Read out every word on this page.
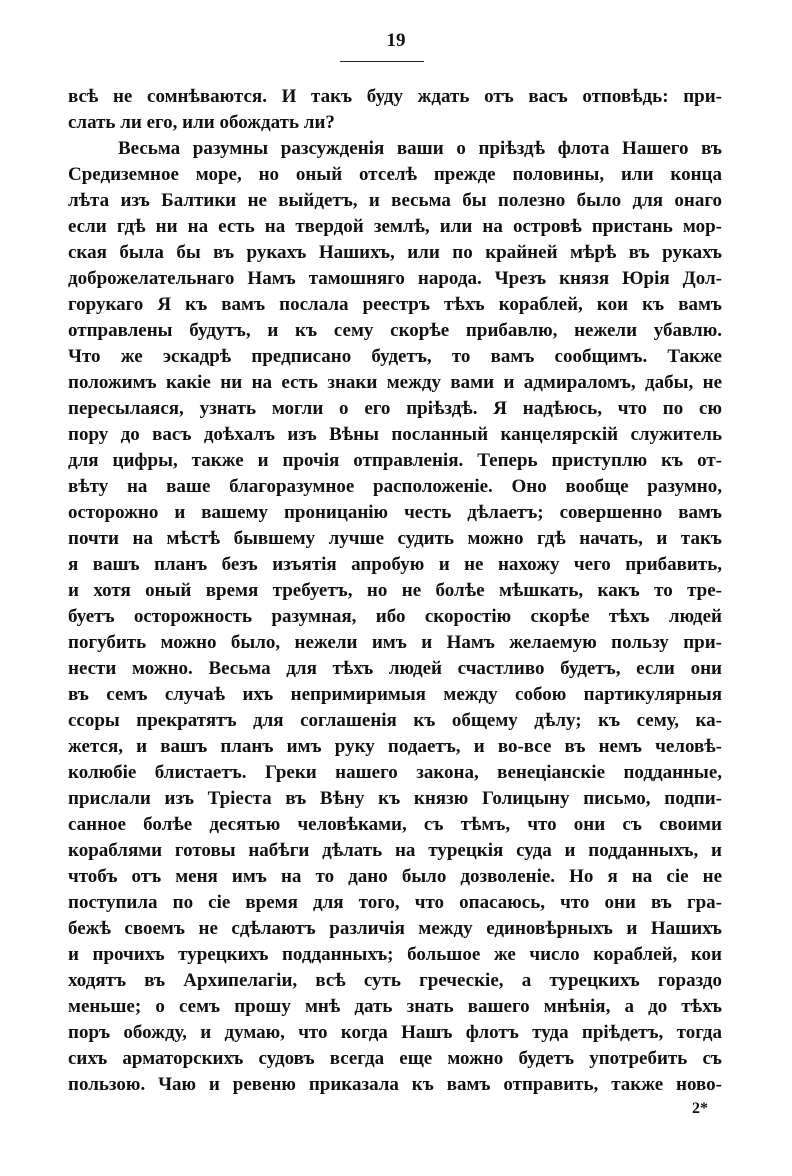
19
всѣ не сомнѣваются. И такъ буду ждать отъ васъ отповѣдь: при-
слать ли его, или обождать ли?
Весьма разумны разсужденія ваши о пріѣздѣ флота Нашего въ
Средиземное море, но оный отселѣ прежде половины, или конца
лѣта изъ Балтики не выйдетъ, и весьма бы полезно было для онаго
если гдѣ ни на есть на твердой землѣ, или на островѣ пристань мор-
ская была бы въ рукахъ Нашихъ, или по крайней мѣрѣ въ рукахъ
доброжелательнаго Намъ тамошняго народа. Чрезъ князя Юрія Дол-
горукаго Я къ вамъ послала реестръ тѣхъ кораблей, кои къ вамъ
отправлены будутъ, и къ сему скорѣе прибавлю, нежели убавлю.
Что же эскадрѣ предписано будетъ, то вамъ сообщимъ. Также
положимъ какіе ни на есть знаки между вами и адмираломъ, дабы, не
пересылаяся, узнать могли о его пріѣздѣ. Я надѣюсь, что по сю
пору до васъ доѣхалъ изъ Вѣны посланный канцелярскій служитель
для цифры, также и прочія отправленія. Теперь приступлю къ от-
вѣту на ваше благоразумное расположеніе. Оно вообще разумно,
осторожно и вашему проницанію честь дѣлаетъ; совершенно вамъ
почти на мѣстѣ бывшему лучше судить можно гдѣ начать, и такъ
я вашъ планъ безъ изъятія апробую и не нахожу чего прибавить,
и хотя оный время требуетъ, но не болѣе мѣшкать, какъ то тре-
буетъ осторожность разумная, ибо скоростію скорѣе тѣхъ людей
погубить можно было, нежели имъ и Намъ желаемую пользу при-
нести можно. Весьма для тѣхъ людей счастливо будетъ, если они
въ семъ случаѣ ихъ непримиримыя между собою партикулярныя
ссоры прекратятъ для соглашенія къ общему дѣлу; къ сему, ка-
жется, и вашъ планъ имъ руку подаетъ, и во-все въ немъ человѣ-
колюбіе блистаетъ. Греки нашего закона, венеціанскіе подданные,
прислали изъ Тріеста въ Вѣну къ князю Голицыну письмо, подпи-
санное болѣе десятью человѣками, съ тѣмъ, что они съ своими
кораблями готовы набѣги дѣлать на турецкія суда и подданныхъ, и
чтобъ отъ меня имъ на то дано было дозволеніе. Но я на сіе не
поступила по сіе время для того, что опасаюсь, что они въ гра-
бежѣ своемъ не сдѣлаютъ различія между единовѣрныхъ и Нашихъ
и прочихъ турецкихъ подданныхъ; большое же число кораблей, кои
ходятъ въ Архипелагіи, всѣ суть греческіе, а турецкихъ гораздо
меньше; о семъ прошу мнѣ дать знать вашего мнѣнія, а до тѣхъ
поръ обожду, и думаю, что когда Нашъ флотъ туда пріѣдетъ, тогда
сихъ арматорскихъ судовъ всегда еще можно будетъ употребить съ
пользою. Чаю и ревеню приказала къ вамъ отправить, также ново-
2*
